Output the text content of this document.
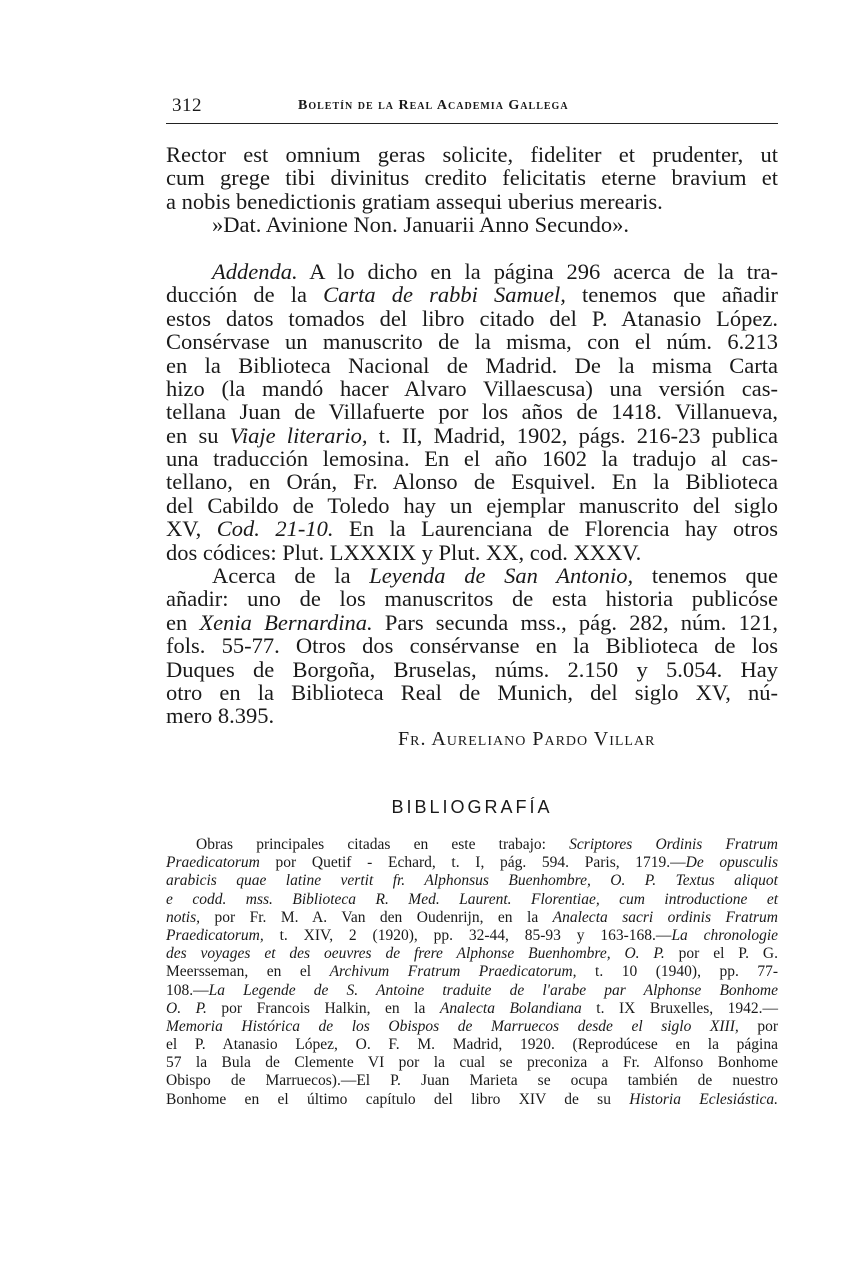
312	Boletín de la Real Academia Gallega
Rector est omnium geras solicite, fideliter et prudenter, ut
cum grege tibi divinitus credito felicitatis eterne bravium et
a nobis benedictionis gratiam assequi uberius merearis.
»Dat. Avinione Non. Januarii Anno Secundo».
Addenda. A lo dicho en la página 296 acerca de la tra-
ducción de la Carta de rabbi Samuel, tenemos que añadir
estos datos tomados del libro citado del P. Atanasio López.
Consérvase un manuscrito de la misma, con el núm. 6.213
en la Biblioteca Nacional de Madrid. De la misma Carta
hizo (la mandó hacer Alvaro Villaescusa) una versión cas-
tellana Juan de Villafuerte por los años de 1418. Villanueva,
en su Viaje literario, t. II, Madrid, 1902, págs. 216-23 publica
una traducción lemosina. En el año 1602 la tradujo al cas-
tellano, en Orán, Fr. Alonso de Esquivel. En la Biblioteca
del Cabildo de Toledo hay un ejemplar manuscrito del siglo
XV, Cod. 21-10. En la Laurenciana de Florencia hay otros
dos códices: Plut. LXXXIX y Plut. XX, cod. XXXV.
Acerca de la Leyenda de San Antonio, tenemos que
añadir: uno de los manuscritos de esta historia publicóse
en Xenia Bernardina. Pars secunda mss., pág. 282, núm. 121,
fols. 55-77. Otros dos consérvanse en la Biblioteca de los
Duques de Borgoña, Bruselas, núms. 2.150 y 5.054. Hay
otro en la Biblioteca Real de Munich, del siglo XV, nú-
mero 8.395.
Fr. Aureliano Pardo Villar
BIBLIOGRAFÍA
Obras principales citadas en este trabajo: Scriptores Ordinis Fratrum
Praedicatorum por Quetif - Echard, t. I, pág. 594. Paris, 1719.—De opusculis
arabicis quae latine vertit fr. Alphonsus Buenhombre, O. P. Textus aliquot
e codd. mss. Biblioteca R. Med. Laurent. Florentiae, cum introductione et
notis, por Fr. M. A. Van den Oudenrijn, en la Analecta sacri ordinis Fratrum
Praedicatorum, t. XIV, 2 (1920), pp. 32-44, 85-93 y 163-168.—La chronologie
des voyages et des oeuvres de frere Alphonse Buenhombre, O. P. por el P. G.
Meersseman, en el Archivum Fratrum Praedicatorum, t. 10 (1940), pp. 77-
108.—La Legende de S. Antoine traduite de l'arabe par Alphonse Bonhome
O. P. por Francois Halkin, en la Analecta Bolandiana t. IX Bruxelles, 1942.—
Memoria Histórica de los Obispos de Marruecos desde el siglo XIII, por
el P. Atanasio López, O. F. M. Madrid, 1920. (Reprodúcese en la página
57 la Bula de Clemente VI por la cual se preconiza a Fr. Alfonso Bonhome
Obispo de Marruecos).—El P. Juan Marieta se ocupa también de nuestro
Bonhome en el último capítulo del libro XIV de su Historia Eclesiástica.
